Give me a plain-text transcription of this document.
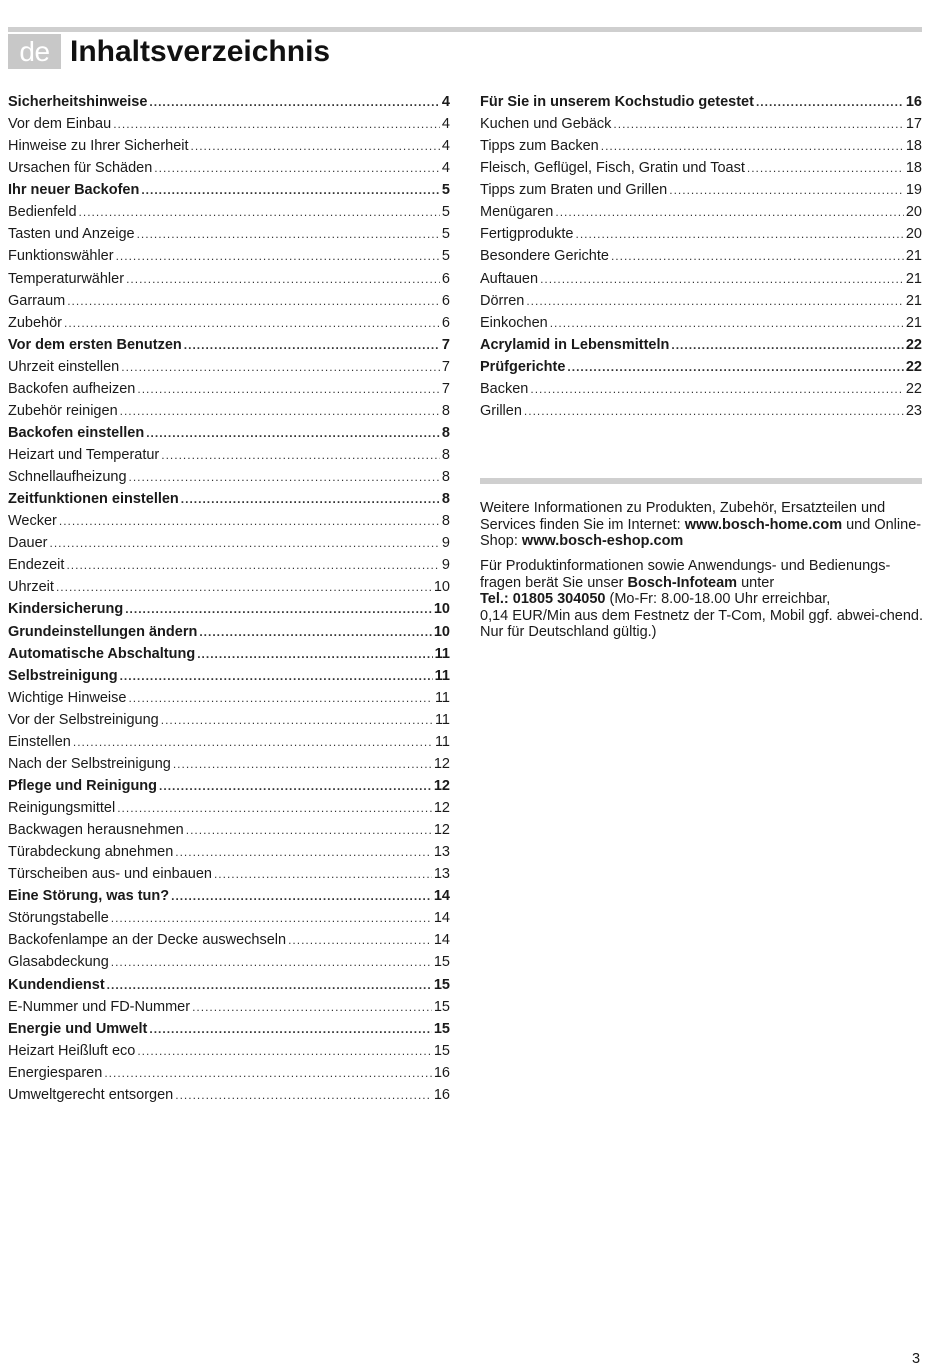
de Inhaltsverzeichnis
Sicherheitshinweise .....	4
Vor dem Einbau .....	4
Hinweise zu Ihrer Sicherheit .....	4
Ursachen für Schäden .....	4
Ihr neuer Backofen .....	5
Bedienfeld .....	5
Tasten und Anzeige .....	5
Funktionswähler .....	5
Temperaturwähler .....	6
Garraum .....	6
Zubehör .....	6
Vor dem ersten Benutzen .....	7
Uhrzeit einstellen .....	7
Backofen aufheizen .....	7
Zubehör reinigen .....	8
Backofen einstellen .....	8
Heizart und Temperatur .....	8
Schnellaufheizung .....	8
Zeitfunktionen einstellen .....	8
Wecker .....	8
Dauer .....	9
Endezeit .....	9
Uhrzeit .....	10
Kindersicherung .....	10
Grundeinstellungen ändern .....	10
Automatische Abschaltung .....	11
Selbstreinigung .....	11
Wichtige Hinweise .....	11
Vor der Selbstreinigung .....	11
Einstellen .....	11
Nach der Selbstreinigung .....	12
Pflege und Reinigung .....	12
Reinigungsmittel .....	12
Backwagen herausnehmen .....	12
Türabdeckung abnehmen .....	13
Türscheiben aus- und einbauen .....	13
Eine Störung, was tun? .....	14
Störungstabelle .....	14
Backofenlampe an der Decke auswechseln .....	14
Glasabdeckung .....	15
Kundendienst .....	15
E-Nummer und FD-Nummer .....	15
Energie und Umwelt .....	15
Heizart Heißluft eco .....	15
Energiesparen .....	16
Umweltgerecht entsorgen .....	16
Für Sie in unserem Kochstudio getestet .....	16
Kuchen und Gebäck .....	17
Tipps zum Backen .....	18
Fleisch, Geflügel, Fisch, Gratin und Toast .....	18
Tipps zum Braten und Grillen .....	19
Menügaren .....	20
Fertigprodukte .....	20
Besondere Gerichte .....	21
Auftauen .....	21
Dörren .....	21
Einkochen .....	21
Acrylamid in Lebensmitteln .....	22
Prüfgerichte .....	22
Backen .....	22
Grillen .....	23

Weitere Informationen zu Produkten, Zubehör, Ersatzteilen und Services finden Sie im Internet: www.bosch-home.com und Online-Shop: www.bosch-eshop.com

Für Produktinformationen sowie Anwendungs- und Bedienungs-fragen berät Sie unser Bosch-Infoteam unter
Tel.: 01805 304050 (Mo-Fr: 8.00-18.00 Uhr erreichbar,
0,14 EUR/Min aus dem Festnetz der T-Com, Mobil ggf. abwei-chend. Nur für Deutschland gültig.)

3
